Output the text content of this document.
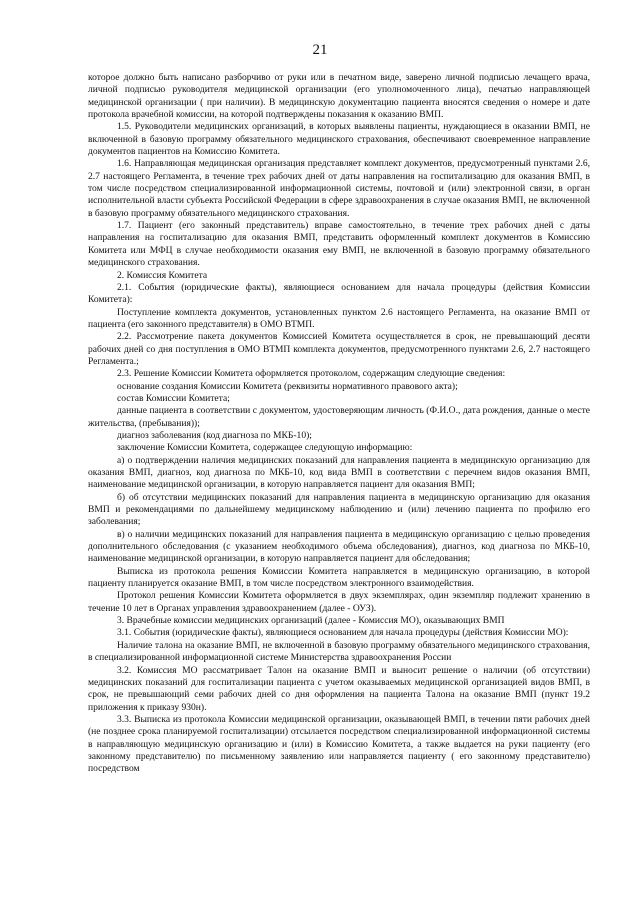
21

которое должно быть написано разборчиво от руки или в печатном виде, заверено личной подписью лечащего врача, личной подписью руководителя медицинской организации (его уполномоченного лица), печатью направляющей медицинской организации ( при наличии). В медицинскую документацию пациента вносятся сведения о номере и дате протокола врачебной комиссии, на которой подтверждены показания к оказанию ВМП.

1.5. Руководители медицинских организаций, в которых выявлены пациенты, нуждающиеся в оказании ВМП, не включенной в базовую программу обязательного медицинского страхования, обеспечивают своевременное направление документов пациентов на Комиссию Комитета.

1.6. Направляющая медицинская организация представляет комплект документов, предусмотренный пунктами 2.6, 2.7 настоящего Регламента, в течение трех рабочих дней от даты направления на госпитализацию для оказания ВМП, в том числе посредством специализированной информационной системы, почтовой и (или) электронной связи, в орган исполнительной власти субъекта Российской Федерации в сфере здравоохранения в случае оказания ВМП, не включенной в базовую программу обязательного медицинского страхования.

1.7. Пациент (его законный представитель) вправе самостоятельно, в течение трех рабочих дней с даты направления на госпитализацию для оказания ВМП, представить оформленный комплект документов в Комиссию Комитета или МФЦ в случае необходимости оказания ему ВМП, не включенной в базовую программу обязательного медицинского страхования.

2. Комиссия Комитета

2.1. События (юридические факты), являющиеся основанием для начала процедуры (действия Комиссии Комитета):

Поступление комплекта документов, установленных пунктом 2.6 настоящего Регламента, на оказание ВМП от пациента (его законного представителя) в ОМО ВТМП.

2.2. Рассмотрение пакета документов Комиссией Комитета осуществляется в срок, не превышающий десяти рабочих дней со дня поступления в ОМО ВТМП комплекта документов, предусмотренного пунктами 2.6, 2.7 настоящего Регламента.;

2.3. Решение Комиссии Комитета оформляется протоколом, содержащим следующие сведения:

основание создания Комиссии Комитета (реквизиты нормативного правового акта);

состав Комиссии Комитета;

данные пациента в соответствии с документом, удостоверяющим личность (Ф.И.О., дата рождения, данные о месте жительства, (пребывания));

диагноз заболевания (код диагноза по МКБ-10);

заключение Комиссии Комитета, содержащее следующую информацию:

а) о подтверждении наличия медицинских показаний для направления пациента в медицинскую организацию для оказания ВМП, диагноз, код диагноза по МКБ-10, код вида ВМП в соответствии с перечнем видов оказания ВМП, наименование медицинской организации, в которую направляется пациент для оказания ВМП;

б) об отсутствии медицинских показаний для направления пациента в медицинскую организацию для оказания ВМП и рекомендациями по дальнейшему медицинскому наблюдению и (или) лечению пациента по профилю его заболевания;

в) о наличии медицинских показаний для направления пациента в медицинскую организацию с целью проведения дополнительного обследования (с указанием необходимого объема обследования), диагноз, код диагноза по МКБ-10, наименование медицинской организации, в которую направляется пациент для обследования;

Выписка из протокола решения Комиссии Комитета направляется в медицинскую организацию, в которой пациенту планируется оказание ВМП, в том числе посредством электронного взаимодействия.

Протокол решения Комиссии Комитета оформляется в двух экземплярах, один экземпляр подлежит хранению в течение 10 лет в Органах управления здравоохранением (далее - ОУЗ).

3. Врачебные комиссии медицинских организаций (далее - Комиссия МО), оказывающих ВМП

3.1. События (юридические факты), являющиеся основанием для начала процедуры (действия Комиссии МО):

Наличие талона на оказание ВМП, не включенной в базовую программу обязательного медицинского страхования, в специализированной информационной системе Министерства здравоохранения России

3.2. Комиссия МО рассматривает Талон на оказание ВМП и выносит решение о наличии (об отсутствии) медицинских показаний для госпитализации пациента с учетом оказываемых медицинской организацией видов ВМП, в срок, не превышающий семи рабочих дней со дня оформления на пациента Талона на оказание ВМП (пункт 19.2 приложения к приказу 930н).

3.3. Выписка из протокола Комиссии медицинской организации, оказывающей ВМП, в течении пяти рабочих дней (не позднее срока планируемой госпитализации) отсылается посредством специализированной информационной системы в направляющую медицинскую организацию и (или) в Комиссию Комитета, а также выдается на руки пациенту (его законному представителю) по письменному заявлению или направляется пациенту ( его законному представителю) посредством
